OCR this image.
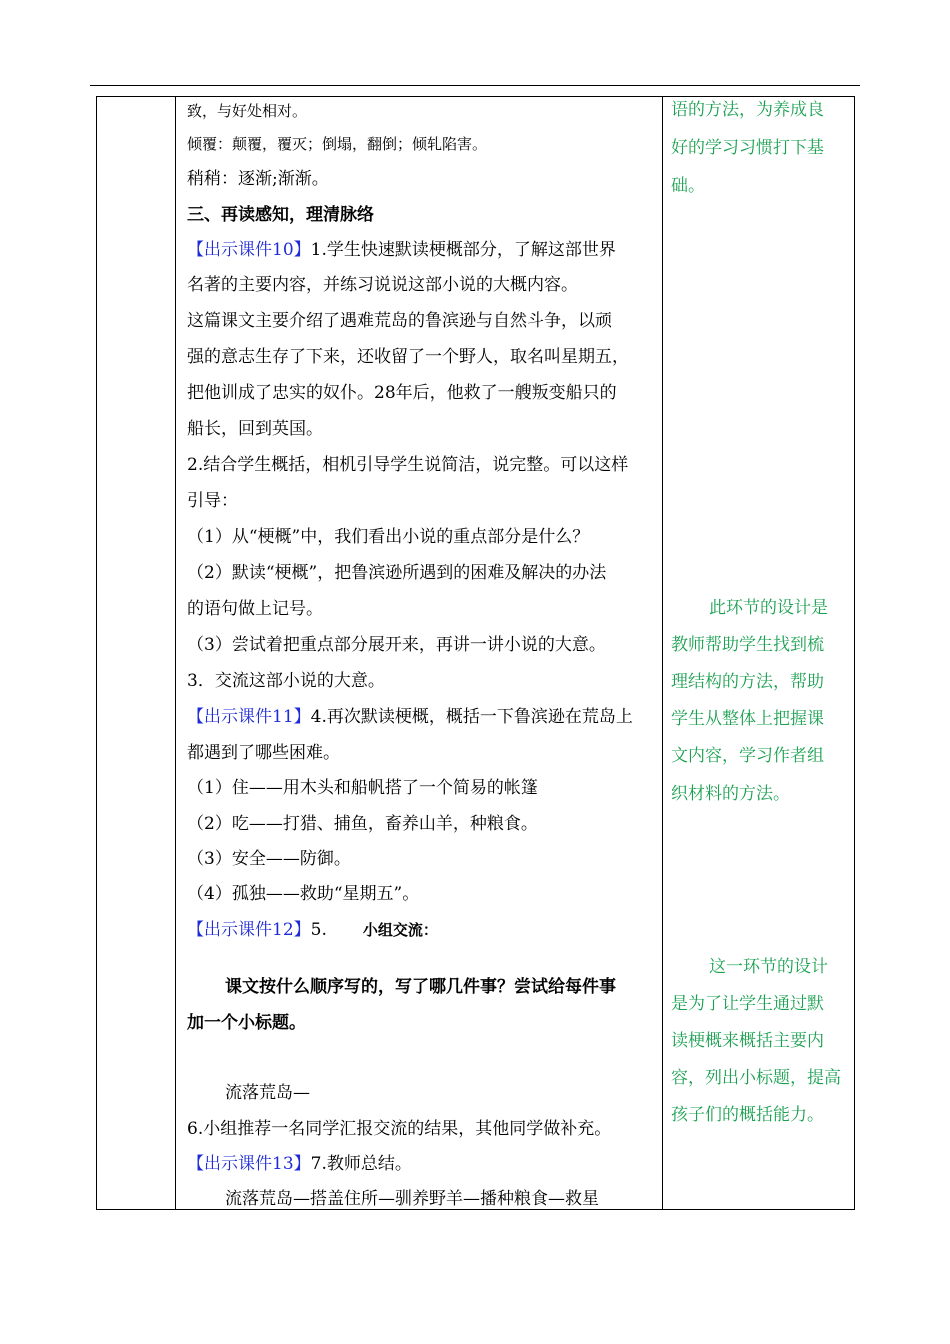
致，与好处相对。
倾覆：颠覆，覆灭；倒塌，翻倒；倾轧陷害。
稍稍：逐渐;渐渐。
三、再读感知，理清脉络
【出示课件10】1.学生快速默读梗概部分，了解这部世界
名著的主要内容，并练习说说这部小说的大概内容。
这篇课文主要介绍了遇难荒岛的鲁滨逊与自然斗争，以顽
强的意志生存了下来，还收留了一个野人，取名叫星期五，
把他训成了忠实的奴仆。28年后，他救了一艘叛变船只的
船长，回到英国。
2.结合学生概括，相机引导学生说简洁，说完整。可以这样
引导：
（1）从“梗概”中，我们看出小说的重点部分是什么？
（2）默读“梗概”，把鲁滨逊所遇到的困难及解决的办法
的语句做上记号。
（3）尝试着把重点部分展开来，再讲一讲小说的大意。
3．交流这部小说的大意。
【出示课件11】4.再次默读梗概，概括一下鲁滨逊在荒岛上
都遇到了哪些困难。
（1）住——用木头和船帆搭了一个简易的帐篷
（2）吃——打猎、捕鱼，畜养山羊，种粮食。
（3）安全——防御。
（4）孤独——救助“星期五”。
【出示课件12】5. 小组交流：
课文按什么顺序写的，写了哪几件事？尝试给每件事
加一个小标题。
流落荒岛—
6.小组推荐一名同学汇报交流的结果，其他同学做补充。
【出示课件13】7.教师总结。
流落荒岛—搭盖住所—驯养野羊—播种粮食—救星
语的方法，为养成良
好的学习习惯打下基
础。
此环节的设计是
教师帮助学生找到梳
理结构的方法，帮助
学生从整体上把握课
文内容，学习作者组
织材料的方法。
这一环节的设计
是为了让学生通过默
读梗概来概括主要内
容，列出小标题，提高
孩子们的概括能力。
